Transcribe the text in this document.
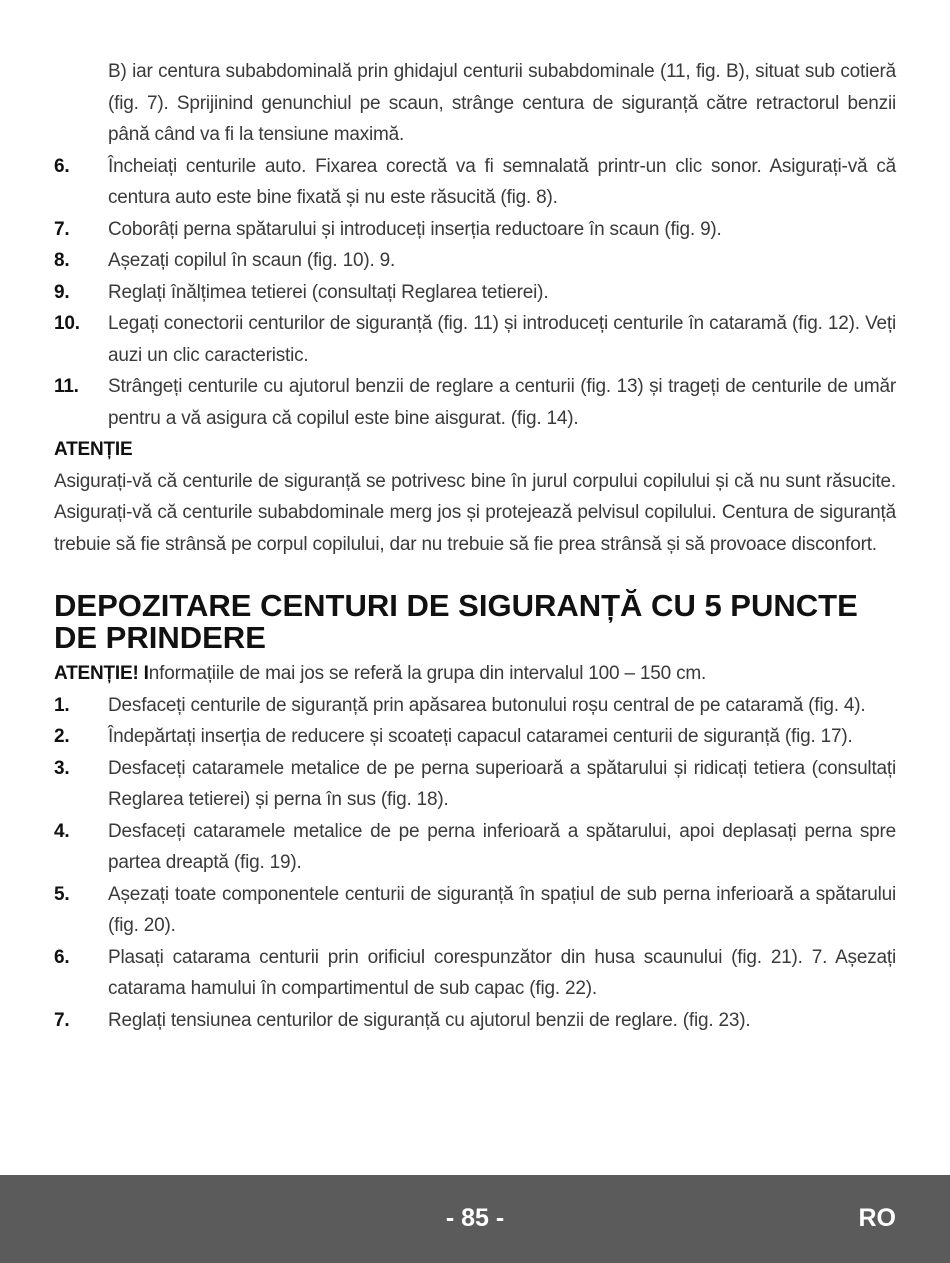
B) iar centura subabdominală prin ghidajul centurii subabdominale (11, fig. B), situat sub cotieră (fig. 7). Sprijinind genunchiul pe scaun, strânge centura de siguranță către retractorul benzii până când va fi la tensiune maximă.
6.	Încheiați centurile auto. Fixarea corectă va fi semnalată printr-un clic sonor. Asigurați-vă că centura auto este bine fixată și nu este răsucită (fig. 8).
7.	Coborâți perna spătarului și introduceți inserția reductoare în scaun (fig. 9).
8.	Așezați copilul în scaun (fig. 10). 9.
9.	Reglați înălțimea tetierei (consultați Reglarea tetierei).
10.	Legați conectorii centurilor de siguranță (fig. 11) și introduceți centurile în cataramă (fig. 12). Veți auzi un clic caracteristic.
11.	Strângeți centurile cu ajutorul benzii de reglare a centurii (fig. 13) și trageți de centurile de umăr pentru a vă asigura că copilul este bine aisgurat. (fig. 14).
ATENȚIE
Asigurați-vă că centurile de siguranță se potrivesc bine în jurul corpului copilului și că nu sunt răsucite. Asigurați-vă că centurile subabdominale merg jos și protejează pelvisul copilului. Centura de siguranță trebuie să fie strânsă pe corpul copilului, dar nu trebuie să fie prea strânsă și să provoace disconfort.
DEPOZITARE CENTURI DE SIGURANȚĂ CU 5 PUNCTE DE PRINDERE
ATENȚIE! Informațiile de mai jos se referă la grupa din intervalul 100 – 150 cm.
1.	Desfaceți centurile de siguranță prin apăsarea butonului roșu central de pe cataramă (fig. 4).
2.	Îndepărtați inserția de reducere și scoateți capacul cataramei centurii de siguranță (fig. 17).
3.	Desfaceți cataramele metalice de pe perna superioară a spătarului și ridicați tetiera (consultați Reglarea tetierei) și perna în sus (fig. 18).
4.	Desfaceți cataramele metalice de pe perna inferioară a spătarului, apoi deplasați perna spre partea dreaptă (fig. 19).
5.	Așezați toate componentele centurii de siguranță în spațiul de sub perna inferioară a spătarului (fig. 20).
6.	Plasați catarama centurii prin orificiul corespunzător din husa scaunului (fig. 21). 7. Așezați catarama hamului în compartimentul de sub capac (fig. 22).
7.	Reglați tensiunea centurilor de siguranță cu ajutorul benzii de reglare. (fig. 23).
- 85 -	RO
